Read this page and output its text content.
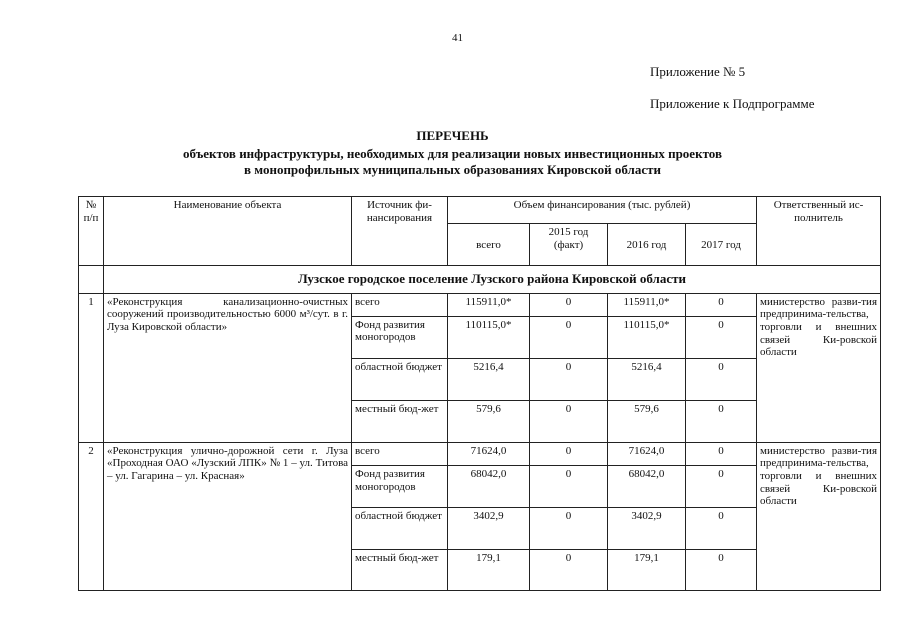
41
Приложение № 5
Приложение к Подпрограмме
ПЕРЕЧЕНЬ
объектов инфраструктуры, необходимых для реализации новых инвестиционных проектов
в монопрофильных муниципальных образованиях Кировской области
№ п/п	Наименование объекта	Источник фи-нансирования	Объем финансирования (тыс. рублей)				Ответственный ис-полнитель
			всего	2015 год (факт)	2016 год	2017 год	
	Лузское городское поселение Лузского района Кировской области						
1	«Реконструкция канализационно-очистных сооружений производительностью 6000 м³/сут. в г. Луза Кировской области»	всего	115911,0*	0	115911,0*	0	министерство разви-тия предпринима-тельства, торговли и внешних связей Ки-ровской области
		Фонд развития моногородов	110115,0*	0	110115,0*	0	
		областной бюджет	5216,4	0	5216,4	0	
		местный бюд-жет	579,6	0	579,6	0	
2	«Реконструкция улично-дорожной сети г. Луза «Проходная ОАО «Лузский ЛПК» № 1 – ул. Титова – ул. Гагарина – ул. Красная»	всего	71624,0	0	71624,0	0	министерство разви-тия предпринима-тельства, торговли и внешних связей Ки-ровской области
		Фонд развития моногородов	68042,0	0	68042,0	0	
		областной бюджет	3402,9	0	3402,9	0	
		местный бюд-жет	179,1	0	179,1	0	
